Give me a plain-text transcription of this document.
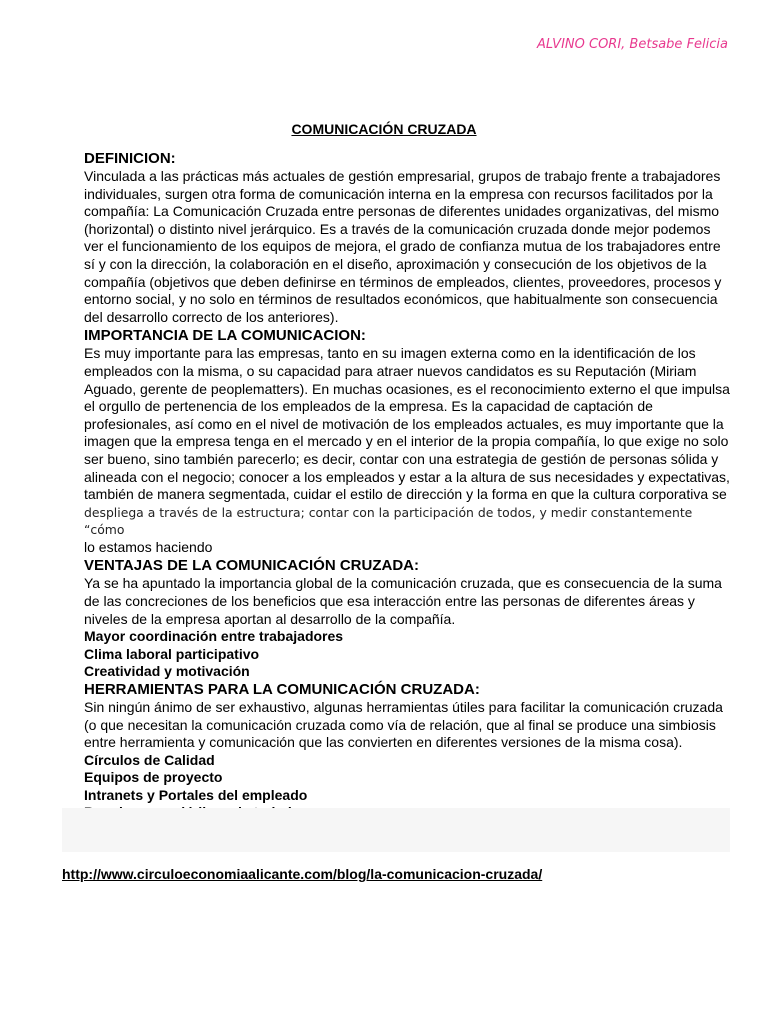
ALVINO CORI, Betsabe Felicia
COMUNICACIÓN CRUZADA

DEFINICION:

Vinculada a las prácticas más actuales de gestión empresarial, grupos de trabajo frente a trabajadores individuales, surgen otra forma de comunicación interna en la empresa con recursos facilitados por la compañía: La Comunicación Cruzada entre personas de diferentes unidades organizativas, del mismo (horizontal) o distinto nivel jerárquico. Es a través de la comunicación cruzada donde mejor podemos ver el funcionamiento de los equipos de mejora, el grado de confianza mutua de los trabajadores entre sí y con la dirección, la colaboración en el diseño, aproximación y consecución de los objetivos de la compañía (objetivos que deben definirse en términos de empleados, clientes, proveedores, procesos y entorno social, y no solo en términos de resultados económicos, que habitualmente son consecuencia del desarrollo correcto de los anteriores).

IMPORTANCIA DE LA COMUNICACION:

Es muy importante para las empresas, tanto en su imagen externa como en la identificación de los empleados con la misma, o su capacidad para atraer nuevos candidatos es su Reputación (Miriam Aguado, gerente de peoplematters). En muchas ocasiones, es el reconocimiento externo el que impulsa el orgullo de pertenencia de los empleados de la empresa. Es la capacidad de captación de profesionales, así como en el nivel de motivación de los empleados actuales, es muy importante que la imagen que la empresa tenga en el mercado y en el interior de la propia compañía, lo que exige no solo ser bueno, sino también parecerlo; es decir, contar con una estrategia de gestión de personas sólida y alineada con el negocio; conocer a los empleados y estar a la altura de sus necesidades y expectativas, también de manera segmentada, cuidar el estilo de dirección y la forma en que la cultura corporativa se

despliega a través de la estructura; contar con la participación de todos, y medir constantemente “cómo

lo estamos haciendo

VENTAJAS DE LA COMUNICACIÓN CRUZADA:

Ya se ha apuntado la importancia global de la comunicación cruzada, que es consecuencia de la suma de las concreciones de los beneficios que esa interacción entre las personas de diferentes áreas y niveles de la empresa aportan al desarrollo de la compañía.

Mayor coordinación entre trabajadores

Clima laboral participativo

Creatividad y motivación

HERRAMIENTAS PARA LA COMUNICACIÓN CRUZADA:

Sin ningún ánimo de ser exhaustivo, algunas herramientas útiles para facilitar la comunicación cruzada (o que necesitan la comunicación cruzada como vía de relación, que al final se produce una simbiosis entre herramienta y comunicación que las convierten en diferentes versiones de la misma cosa).

Círculos de Calidad

Equipos de proyecto

Intranets y Portales del empleado

http://www.circuloeconomiaalicante.com/blog/la-comunicacion-cruzada/
